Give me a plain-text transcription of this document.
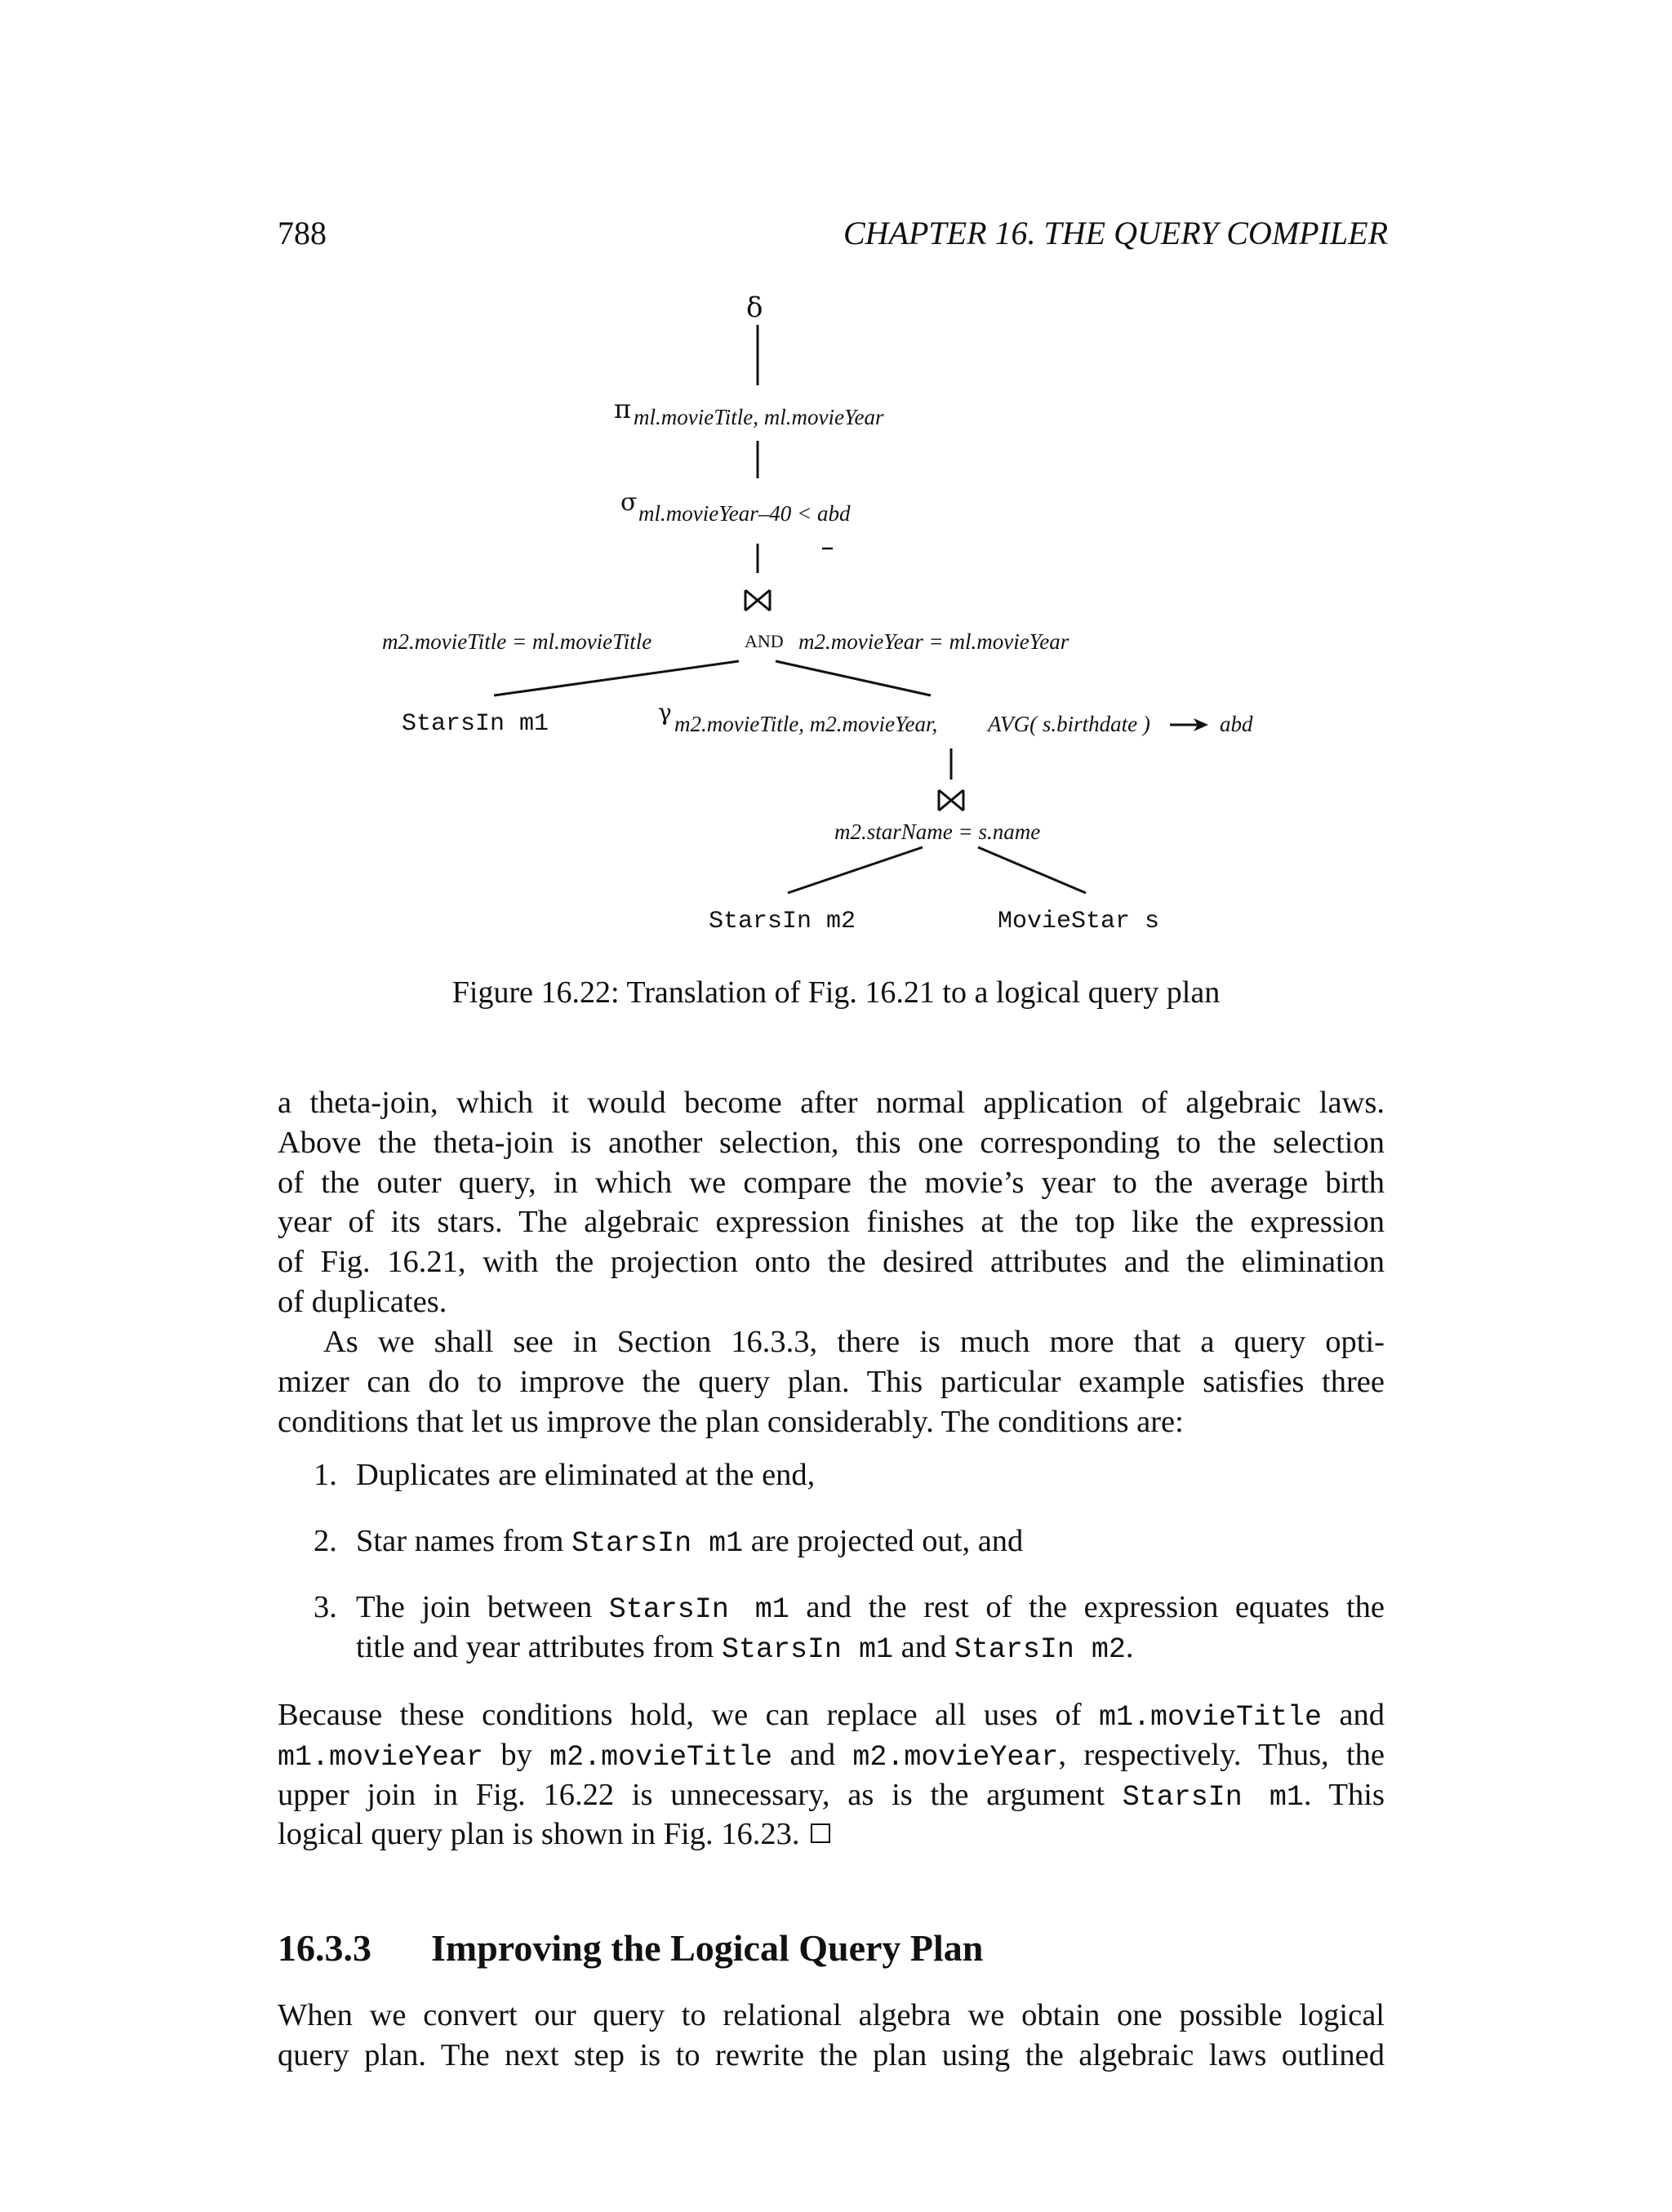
788	CHAPTER 16. THE QUERY COMPILER
δ
π ml.movieTitle, ml.movieYear
σ ml.movieYear–40 < abd
m2.movieTitle = ml.movieTitle	AND m2.movieYear = ml.movieYear
StarsIn m1	γ m2.movieTitle, m2.movieYear, AVG( s.birthdate )	abd
m2.starName = s.name
StarsIn m2	MovieStar s
Figure 16.22: Translation of Fig. 16.21 to a logical query plan
a theta-join, which it would become after normal application of algebraic laws.
Above the theta-join is another selection, this one corresponding to the selection
of the outer query, in which we compare the movie’s year to the average birth
year of its stars. The algebraic expression finishes at the top like the expression
of Fig. 16.21, with the projection onto the desired attributes and the elimination
of duplicates.
As we shall see in Section 16.3.3, there is much more that a query opti-
mizer can do to improve the query plan. This particular example satisfies three
conditions that let us improve the plan considerably. The conditions are:
1. Duplicates are eliminated at the end,
2. Star names from StarsIn m1 are projected out, and
3. The join between StarsIn m1 and the rest of the expression equates the
title and year attributes from StarsIn m1 and StarsIn m2.
Because these conditions hold, we can replace all uses of m1.movieTitle and
m1.movieYear by m2.movieTitle and m2.movieYear, respectively. Thus, the
upper join in Fig. 16.22 is unnecessary, as is the argument StarsIn m1. This
logical query plan is shown in Fig. 16.23.
16.3.3 Improving the Logical Query Plan
When we convert our query to relational algebra we obtain one possible logical
query plan. The next step is to rewrite the plan using the algebraic laws outlined
